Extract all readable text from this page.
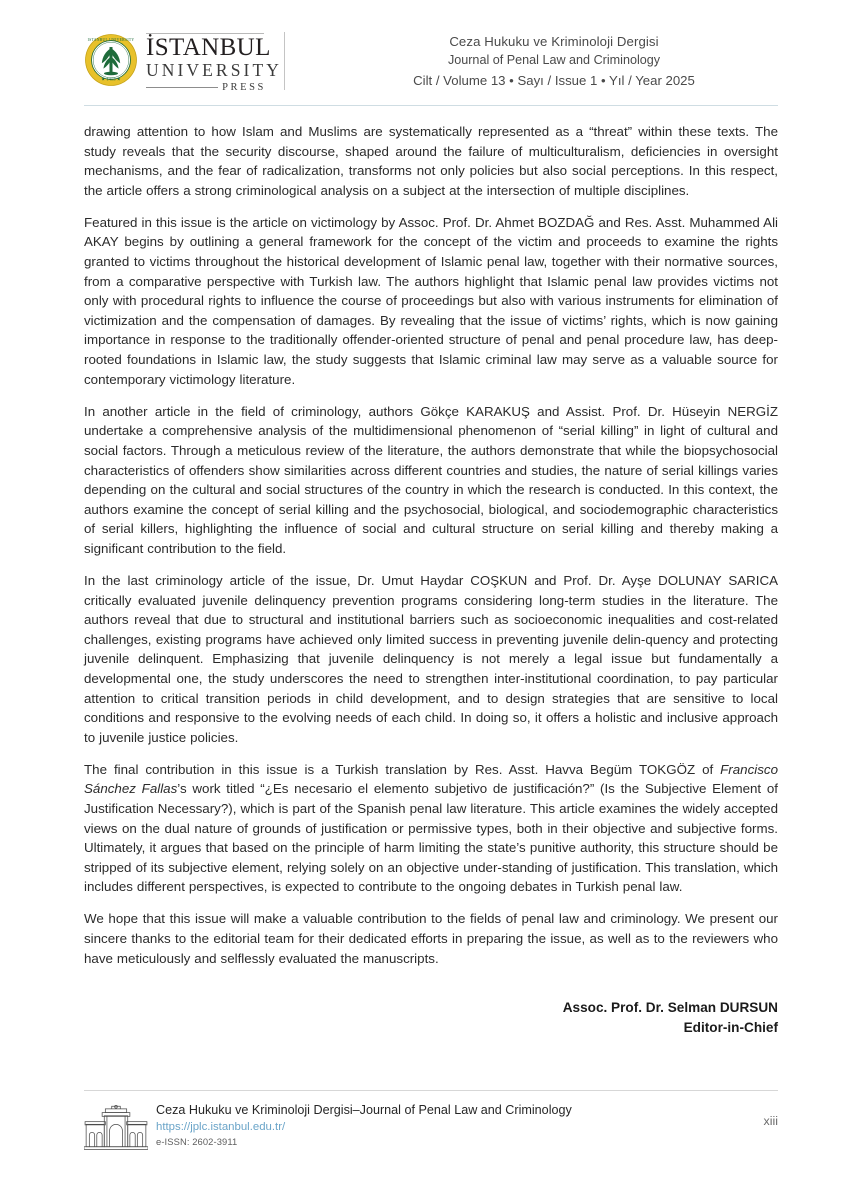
★ 1453 ★
ISTANBUL UNIVERSITY İSTANBUL
UNIVERSITY
PRESS
Ceza Hukuku ve Kriminoloji Dergisi
Journal of Penal Law and Criminology
Cilt / Volume 13 • Sayı / Issue 1 • Yıl / Year 2025

drawing attention to how Islam and Muslims are systematically represented as a “threat” within these texts. The study reveals that the security discourse, shaped around the failure of multiculturalism, deficiencies in oversight mechanisms, and the fear of radicalization, transforms not only policies but also social perceptions. In this respect, the article offers a strong criminological analysis on a subject at the intersection of multiple disciplines.

Featured in this issue is the article on victimology by Assoc. Prof. Dr. Ahmet BOZDAĞ and Res. Asst. Muhammed Ali AKAY begins by outlining a general framework for the concept of the victim and proceeds to examine the rights granted to victims throughout the historical development of Islamic penal law, together with their normative sources, from a comparative perspective with Turkish law. The authors highlight that Islamic penal law provides victims not only with procedural rights to influence the course of proceedings but also with various instruments for elimination of victimization and the compensation of damages. By revealing that the issue of victims’ rights, which is now gaining importance in response to the traditionally offender-oriented structure of penal and penal procedure law, has deep-rooted foundations in Islamic law, the study suggests that Islamic criminal law may serve as a valuable source for contemporary victimology literature.

In another article in the field of criminology, authors Gökçe KARAKUŞ and Assist. Prof. Dr. Hüseyin NERGİZ undertake a comprehensive analysis of the multidimensional phenomenon of “serial killing” in light of cultural and social factors. Through a meticulous review of the literature, the authors demonstrate that while the biopsychosocial characteristics of offenders show similarities across different countries and studies, the nature of serial killings varies depending on the cultural and social structures of the country in which the research is conducted. In this context, the authors examine the concept of serial killing and the psychosocial, biological, and sociodemographic characteristics of serial killers, highlighting the influence of social and cultural structure on serial killing and thereby making a significant contribution to the field.

In the last criminology article of the issue, Dr. Umut Haydar COŞKUN and Prof. Dr. Ayşe DOLUNAY SARICA critically evaluated juvenile delinquency prevention programs considering long-term studies in the literature. The authors reveal that due to structural and institutional barriers such as socioeconomic inequalities and cost-related challenges, existing programs have achieved only limited success in preventing juvenile delin-quency and protecting juvenile delinquent. Emphasizing that juvenile delinquency is not merely a legal issue but fundamentally a developmental one, the study underscores the need to strengthen inter-institutional coordination, to pay particular attention to critical transition periods in child development, and to design strategies that are sensitive to local conditions and responsive to the evolving needs of each child. In doing so, it offers a holistic and inclusive approach to juvenile justice policies.

The final contribution in this issue is a Turkish translation by Res. Asst. Havva Begüm TOKGÖZ of Francisco Sánchez Fallas’s work titled “¿Es necesario el elemento subjetivo de justificación?” (Is the Subjective Element of Justification Necessary?), which is part of the Spanish penal law literature. This article examines the widely accepted views on the dual nature of grounds of justification or permissive types, both in their objective and subjective forms. Ultimately, it argues that based on the principle of harm limiting the state’s punitive authority, this structure should be stripped of its subjective element, relying solely on an objective under-standing of justification. This translation, which includes different perspectives, is expected to contribute to the ongoing debates in Turkish penal law.

We hope that this issue will make a valuable contribution to the fields of penal law and criminology. We present our sincere thanks to the editorial team for their dedicated efforts in preparing the issue, as well as to the reviewers who have meticulously and selflessly evaluated the manuscripts.

Assoc. Prof. Dr. Selman DURSUN
Editor-in-Chief
Ceza Hukuku ve Kriminoloji Dergisi–Journal of Penal Law and Criminology
https://jplc.istanbul.edu.tr/
e-ISSN: 2602-3911
xiii
